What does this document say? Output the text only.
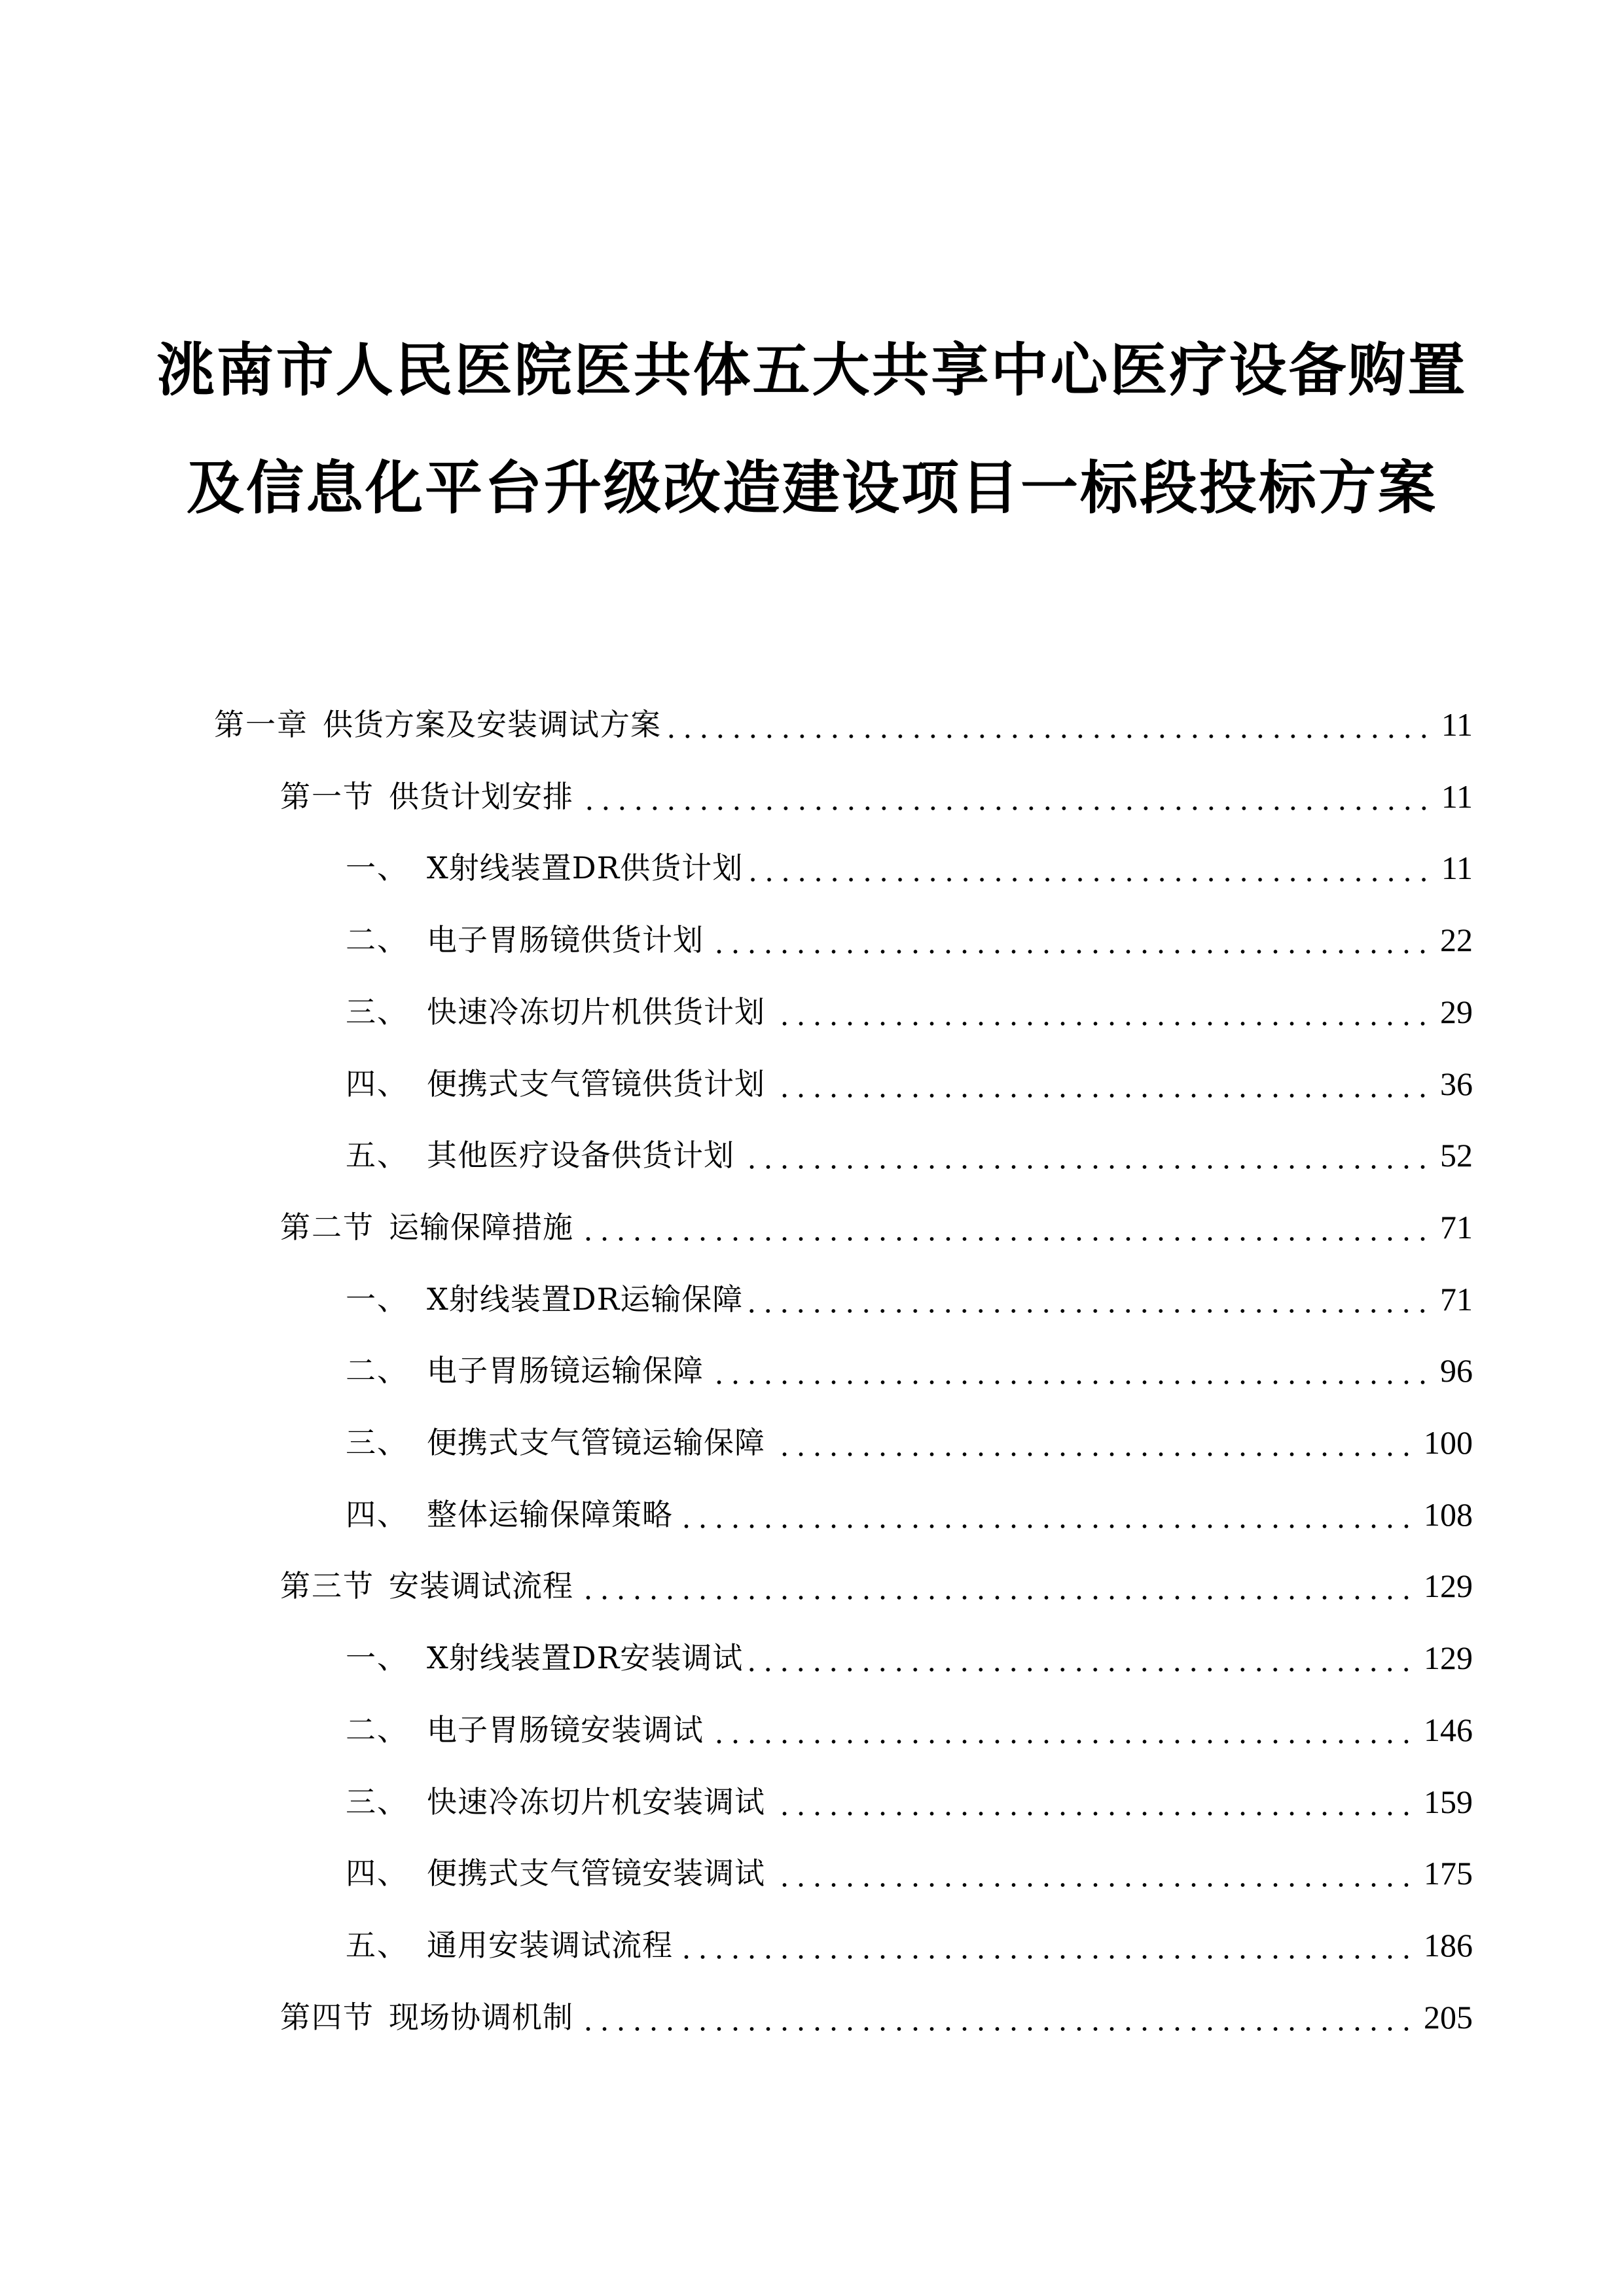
洮南市人民医院医共体五大共享中心医疗设备购置
及信息化平台升级改造建设项目一标段投标方案
第一章 供货方案及安装调试方案	11
第一节 供货计划安排	11
一、 X射线装置DR供货计划	11
二、 电子胃肠镜供货计划	22
三、 快速冷冻切片机供货计划	29
四、 便携式支气管镜供货计划	36
五、 其他医疗设备供货计划	52
第二节 运输保障措施	71
一、 X射线装置DR运输保障	71
二、 电子胃肠镜运输保障	96
三、 便携式支气管镜运输保障	100
四、 整体运输保障策略	108
第三节 安装调试流程	129
一、 X射线装置DR安装调试	129
二、 电子胃肠镜安装调试	146
三、 快速冷冻切片机安装调试	159
四、 便携式支气管镜安装调试	175
五、 通用安装调试流程	186
第四节 现场协调机制	205
